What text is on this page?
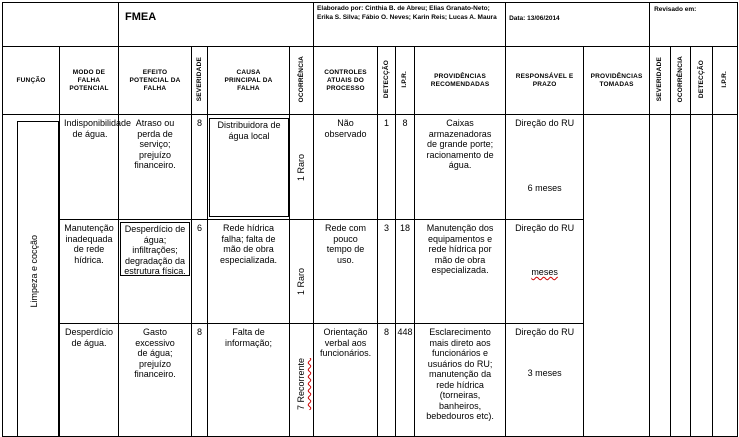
		FMEA				Elaborado por: Cinthia B. de Abreu; Elias Granato-Neto; Erika S. Silva; Fábio O. Neves; Karin Reis; Lucas A. Maura				Data: 13/06/2014		Revisado em:			
FUNÇÃO	MODO DE FALHA POTENCIAL	EFEITO POTENCIAL DA FALHA	SEVERIDADE	CAUSA PRINCIPAL DA FALHA	OCORRÊNCIA	CONTROLES ATUAIS DO PROCESSO	DETECÇÃO	I.P.R.	PROVIDÊNCIAS RECOMENDADAS	RESPONSÁVEL E PRAZO	PROVIDÊNCIAS TOMADAS	SEVERIDADE	OCORRÊNCIA	DETECÇÃO	I.P.R.

Limpeza e cocção	Indisponibilidade de água.	Atraso ou perda de serviço; prejuízo financeiro.	8	Distribuidora de água local	1 Raro	Não observado	1	8	Caixas armazenadoras de grande porte; racionamento de água.	Direção do RU
6 meses					

	Manutenção inadequada de rede hídrica.	Desperdício de água; infiltrações; degradação da estrutura física.	6	Rede hídrica falha; falta de mão de obra especializada.	1 Raro	Rede com pouco tempo de uso.	3	18	Manutenção dos equipamentos e rede hídrica por mão de obra especializada.	Direção do RU
meses					

	Desperdício de água.	Gasto excessivo de água; prejuízo financeiro.	8	Falta de informação;	7 Recorrente	Orientação verbal aos funcionários.	8	448	Esclarecimento mais direto aos funcionários e usuários do RU; manutenção da rede hídrica (torneiras, banheiros, bebedouros etc).	Direção do RU
3 meses					
